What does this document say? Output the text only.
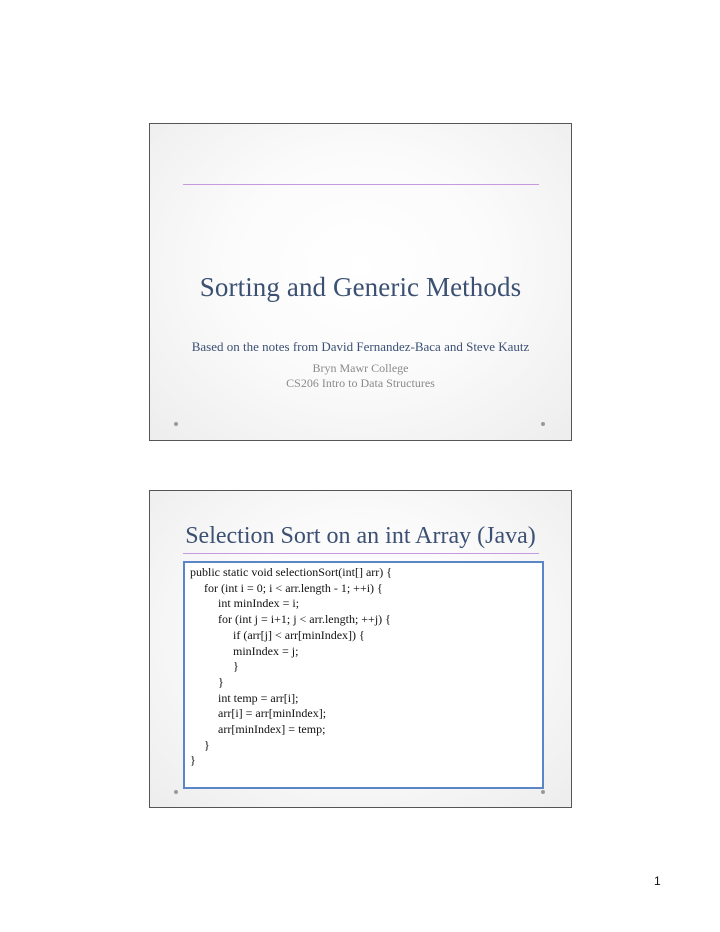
Sorting and Generic Methods
Based on the notes from David Fernandez-Baca and Steve Kautz
Bryn Mawr College
CS206 Intro to Data Structures
Selection Sort on an int Array (Java)
public static void selectionSort(int[] arr) {
for (int i = 0; i < arr.length - 1; ++i) {
int minIndex = i;
for (int j = i+1; j < arr.length; ++j) {
if (arr[j] < arr[minIndex]) {
minIndex = j;
}
}
int temp = arr[i];
arr[i] = arr[minIndex];
arr[minIndex] = temp;
}
}
1
